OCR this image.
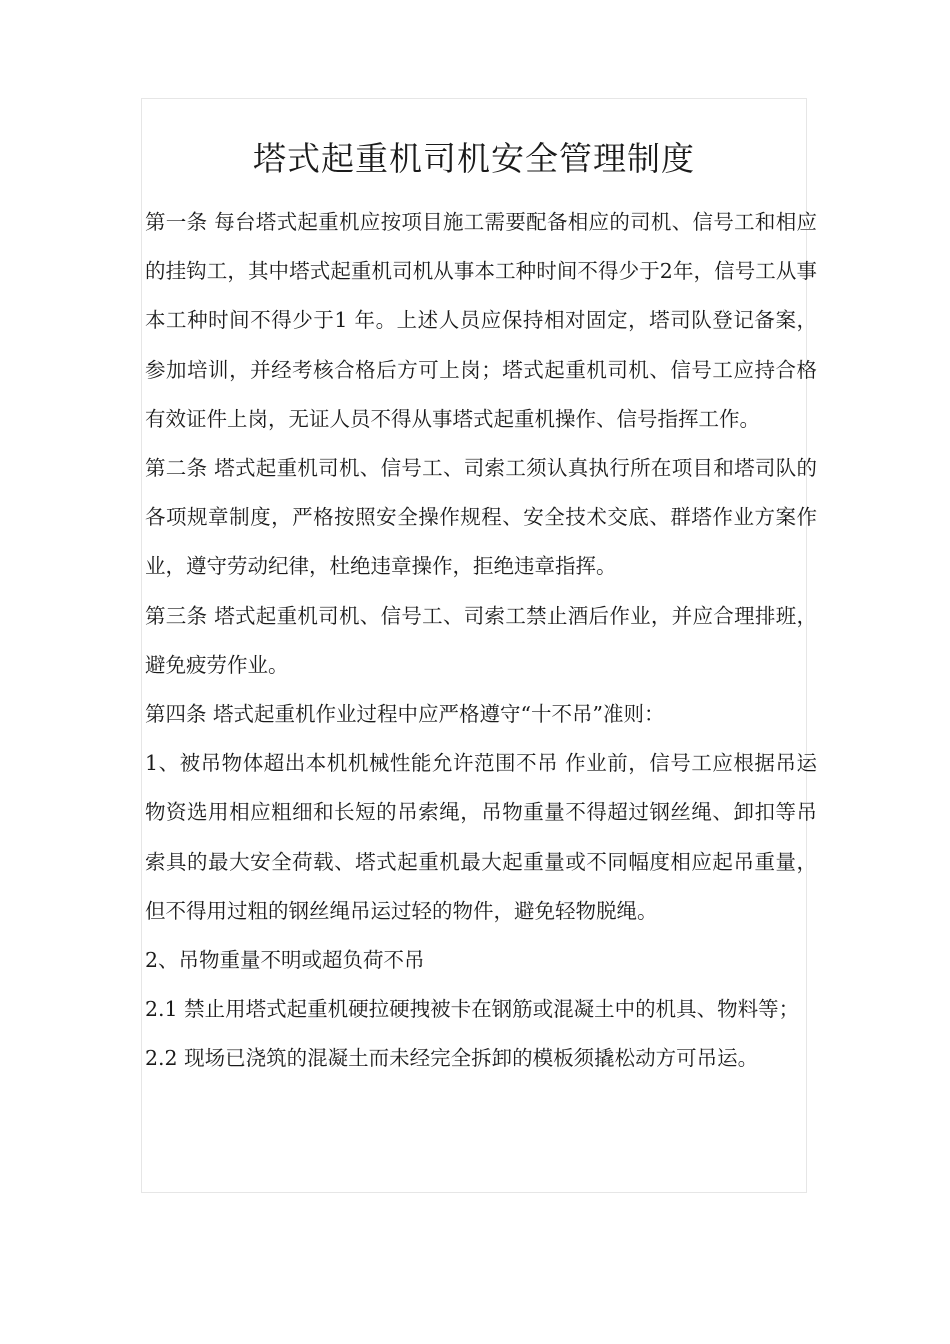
塔式起重机司机安全管理制度

第一条 每台塔式起重机应按项目施工需要配备相应的司机、信号工和相应的挂钩工，其中塔式起重机司机从事本工种时间不得少于2年，信号工从事本工种时间不得少于1 年。上述人员应保持相对固定，塔司队登记备案，参加培训，并经考核合格后方可上岗；塔式起重机司机、信号工应持合格有效证件上岗，无证人员不得从事塔式起重机操作、信号指挥工作。

第二条 塔式起重机司机、信号工、司索工须认真执行所在项目和塔司队的各项规章制度，严格按照安全操作规程、安全技术交底、群塔作业方案作业，遵守劳动纪律，杜绝违章操作，拒绝违章指挥。

第三条 塔式起重机司机、信号工、司索工禁止酒后作业，并应合理排班，避免疲劳作业。

第四条 塔式起重机作业过程中应严格遵守“十不吊”准则：

1、被吊物体超出本机机械性能允许范围不吊 作业前，信号工应根据吊运物资选用相应粗细和长短的吊索绳，吊物重量不得超过钢丝绳、卸扣等吊索具的最大安全荷载、塔式起重机最大起重量或不同幅度相应起吊重量，但不得用过粗的钢丝绳吊运过轻的物件，避免轻物脱绳。

2、吊物重量不明或超负荷不吊

2.1 禁止用塔式起重机硬拉硬拽被卡在钢筋或混凝土中的机具、物料等；

2.2 现场已浇筑的混凝土而未经完全拆卸的模板须撬松动方可吊运。
